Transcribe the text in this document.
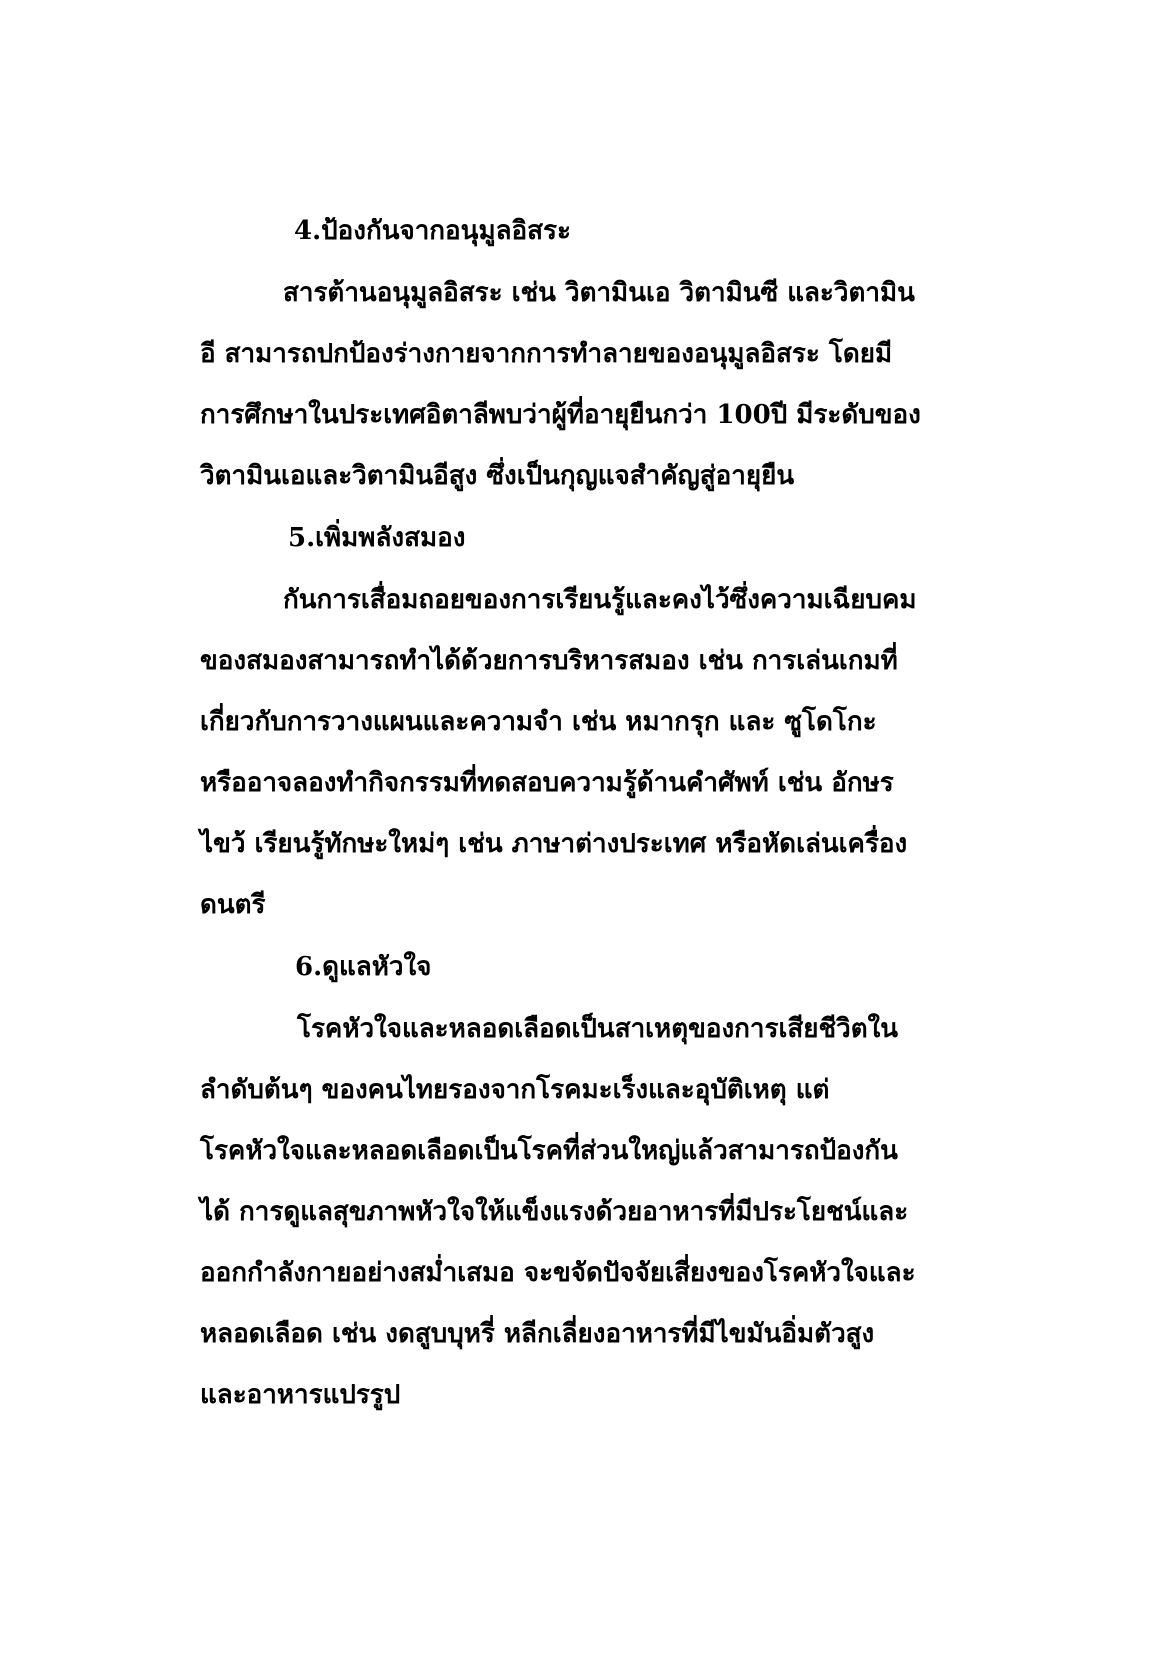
4.ป้องกันจากอนุมูลอิสระ
สารต้านอนุมูลอิสระ เช่น วิตามินเอ วิตามินซี และวิตามิน
อี สามารถปกป้องร่างกายจากการทำลายของอนุมูลอิสระ โดยมี
การศึกษาในประเทศอิตาลีพบว่าผู้ที่อายุยืนกว่า 100ปี มีระดับของ
วิตามินเอและวิตามินอีสูง ซึ่งเป็นกุญแจสำคัญสู่อายุยืน
5.เพิ่มพลังสมอง
กันการเสื่อมถอยของการเรียนรู้และคงไว้ซึ่งความเฉียบคม
ของสมองสามารถทำได้ด้วยการบริหารสมอง เช่น การเล่นเกมที่
เกี่ยวกับการวางแผนและความจำ เช่น หมากรุก และ ซูโดโกะ
หรืออาจลองทำกิจกรรมที่ทดสอบความรู้ด้านคำศัพท์ เช่น อักษร
ไขว้ เรียนรู้ทักษะใหม่ๆ เช่น ภาษาต่างประเทศ หรือหัดเล่นเครื่อง
ดนตรี
6.ดูแลหัวใจ
โรคหัวใจและหลอดเลือดเป็นสาเหตุของการเสียชีวิตใน
ลำดับต้นๆ ของคนไทยรองจากโรคมะเร็งและอุบัติเหตุ แต่
โรคหัวใจและหลอดเลือดเป็นโรคที่ส่วนใหญ่แล้วสามารถป้องกัน
ได้ การดูแลสุขภาพหัวใจให้แข็งแรงด้วยอาหารที่มีประโยชน์และ
ออกกำลังกายอย่างสม่ำเสมอ จะขจัดปัจจัยเสี่ยงของโรคหัวใจและ
หลอดเลือด เช่น งดสูบบุหรี่ หลีกเลี่ยงอาหารที่มีไขมันอิ่มตัวสูง
และอาหารแปรรูป
